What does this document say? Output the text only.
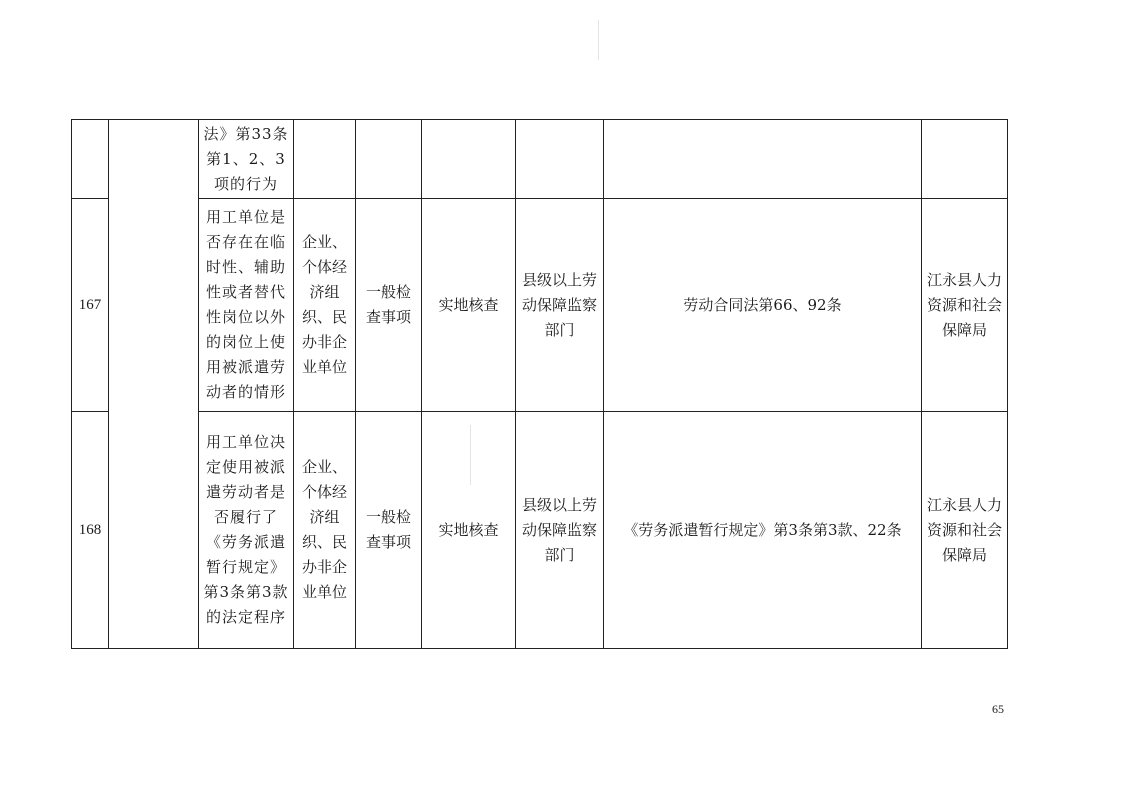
		法》第33条第1、2、3项的行为						

167		用工单位是否存在在临时性、辅助性或者替代性岗位以外的岗位上使用被派遣劳动者的情形	企业、个体经济组织、民办非企业单位	一般检查事项	实地核查	县级以上劳动保障监察部门	劳动合同法第66、92条	江永县人力资源和社会保障局

168		用工单位决定使用被派遣劳动者是否履行了《劳务派遣暂行规定》第3条第3款的法定程序	企业、个体经济组织、民办非企业单位	一般检查事项	实地核查	县级以上劳动保障监察部门	《劳务派遣暂行规定》第3条第3款、22条	江永县人力资源和社会保障局
65
